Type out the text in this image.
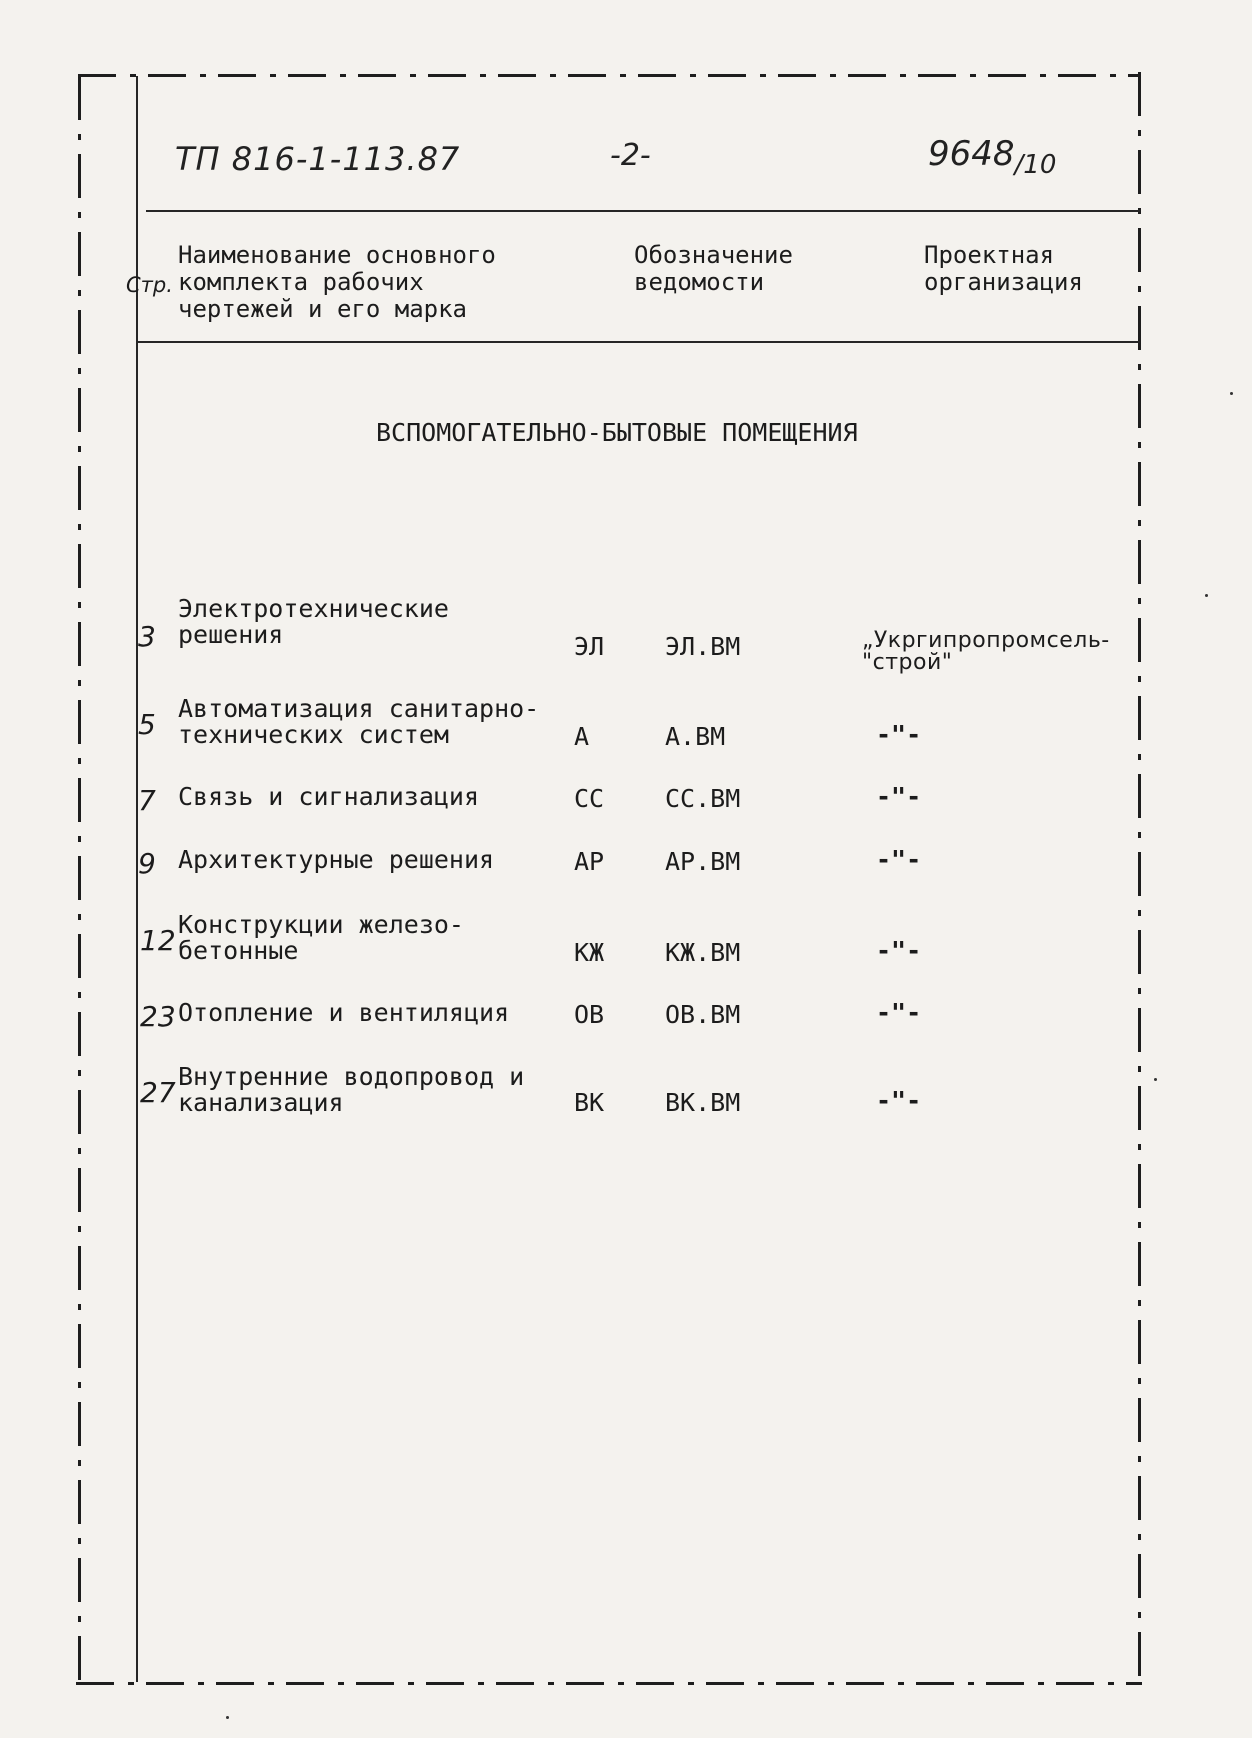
ТП 816-1-113.87	-2-	$9648_{/10}$
Стр.
Наименование основного
комплекта рабочих
чертежей и его марка
Обозначение
ведомости
Проектная
организация
ВСПОМОГАТЕЛЬНО-БЫТОВЫЕ ПОМЕЩЕНИЯ
3
Электротехнические
решения	ЭЛ ЭЛ.ВМ	„Укргипропромсель-
"строй"
5 Автоматизация санитарно-
технических систем	А	А.ВМ	-"-
7 Связь и сигнализация	СС СС.ВМ	-"-
9 Архитектурные решения	АР АР.ВМ	-"-
12 Конструкции железо-
бетонные	КЖ КЖ.ВМ	-"-
23 Отопление и вентиляция	ОВ ОВ.ВМ	-"-
27 Внутренние водопровод и
канализация	ВК ВК.ВМ	-"-
